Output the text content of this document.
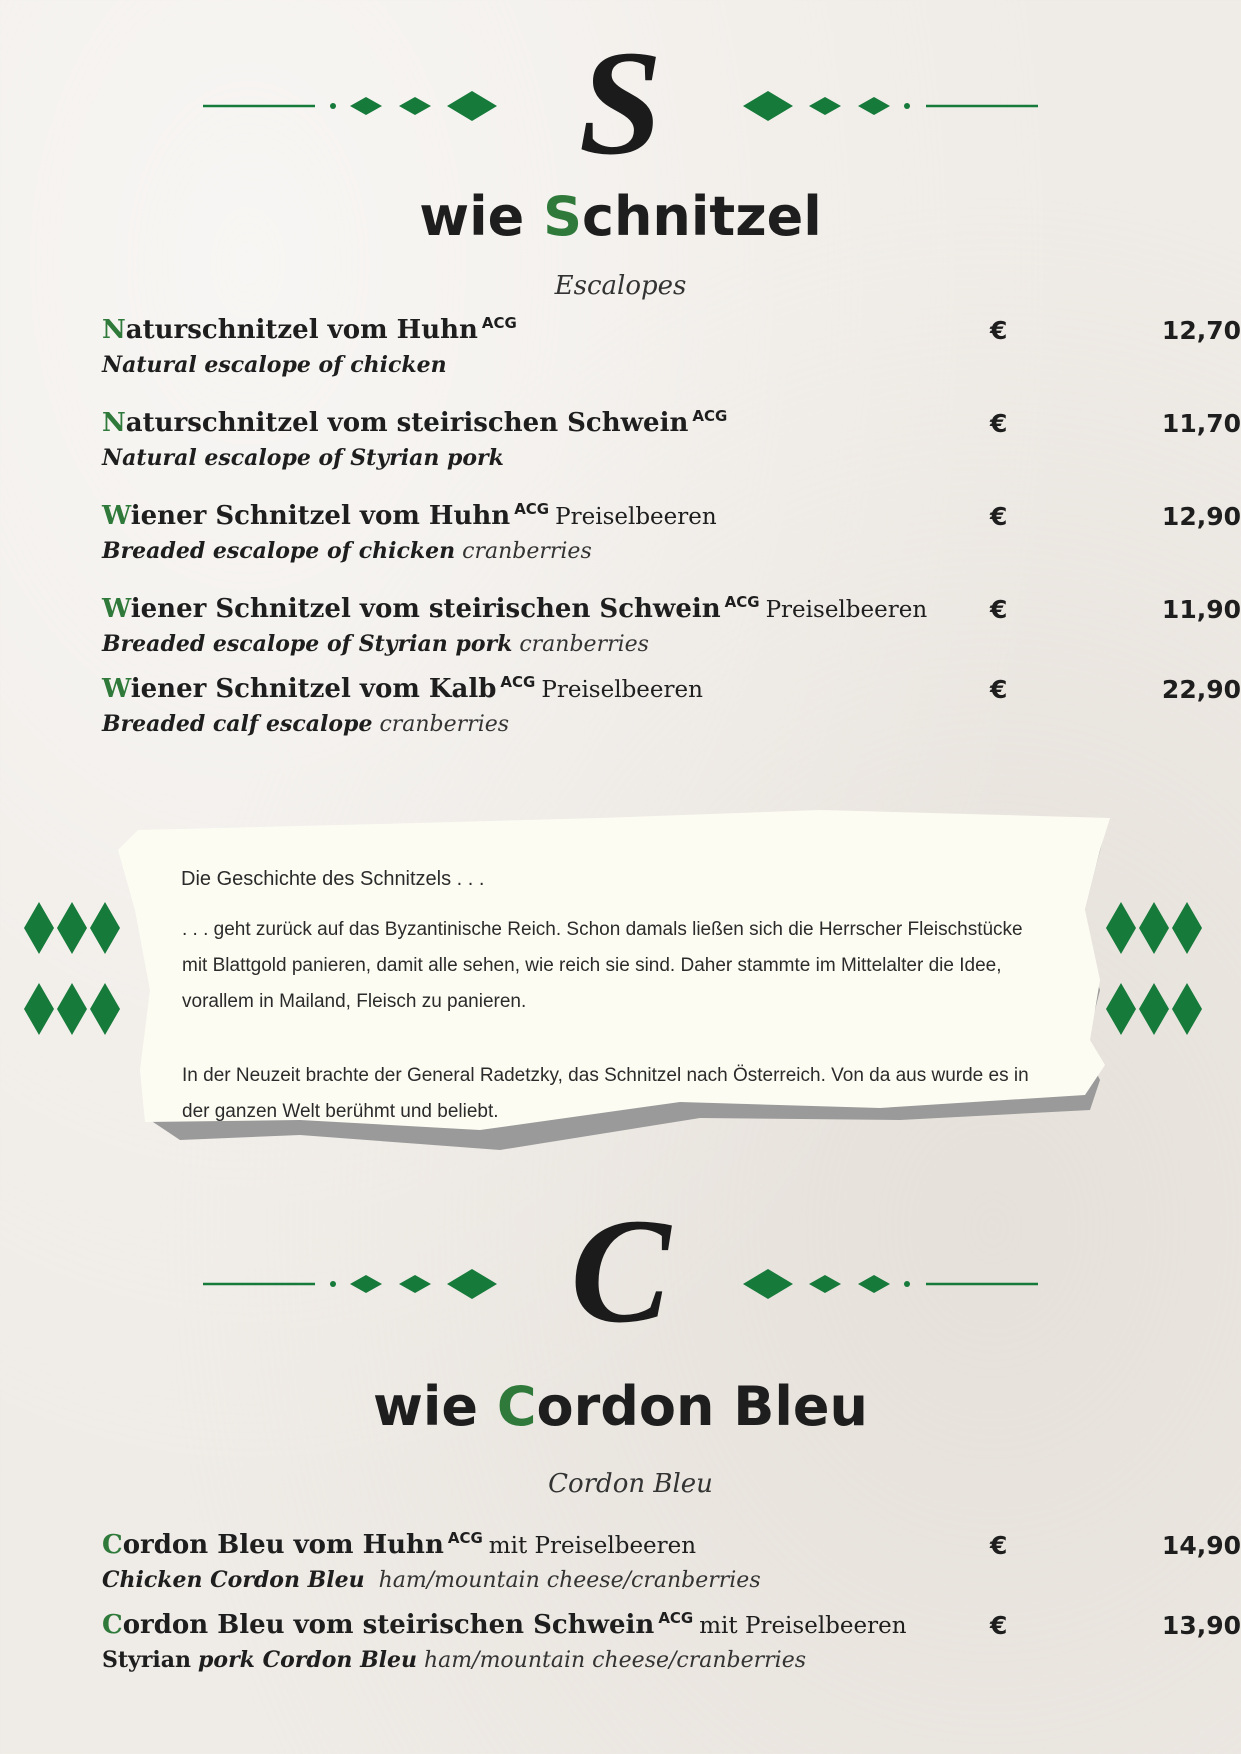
S
wie Schnitzel
Escalopes
Naturschnitzel vom Huhn $^{ACG}$
Natural escalope of chicken
€	12,70
Naturschnitzel vom steirischen Schwein $^{ACG}$
Natural escalope of Styrian pork
€	11,70
Wiener Schnitzel vom Huhn $^{ACG}$ Preiselbeeren
Breaded escalope of chicken cranberries
€	12,90
Wiener Schnitzel vom steirischen Schwein $^{ACG}$ Preiselbeeren
Breaded escalope of Styrian pork cranberries
€	11,90
Wiener Schnitzel vom Kalb $^{ACG}$ Preiselbeeren
Breaded calf escalope cranberries
€	22,90
Die Geschichte des Schnitzels . . .
. . . geht zurück auf das Byzantinische Reich. Schon damals ließen sich die Herrscher Fleischstücke mit Blattgold panieren, damit alle sehen, wie reich sie sind. Daher stammte im Mittelalter die Idee, vorallem in Mailand, Fleisch zu panieren.
In der Neuzeit brachte der General Radetzky, das Schnitzel nach Österreich. Von da aus wurde es in der ganzen Welt berühmt und beliebt.
C
wie Cordon Bleu
Cordon Bleu
Cordon Bleu vom Huhn $^{ACG}$ mit Preiselbeeren
Chicken Cordon Bleu ham/mountain cheese/cranberries
€	14,90
Cordon Bleu vom steirischen Schwein $^{ACG}$ mit Preiselbeeren
Styrian pork Cordon Bleu ham/mountain cheese/cranberries
€	13,90
